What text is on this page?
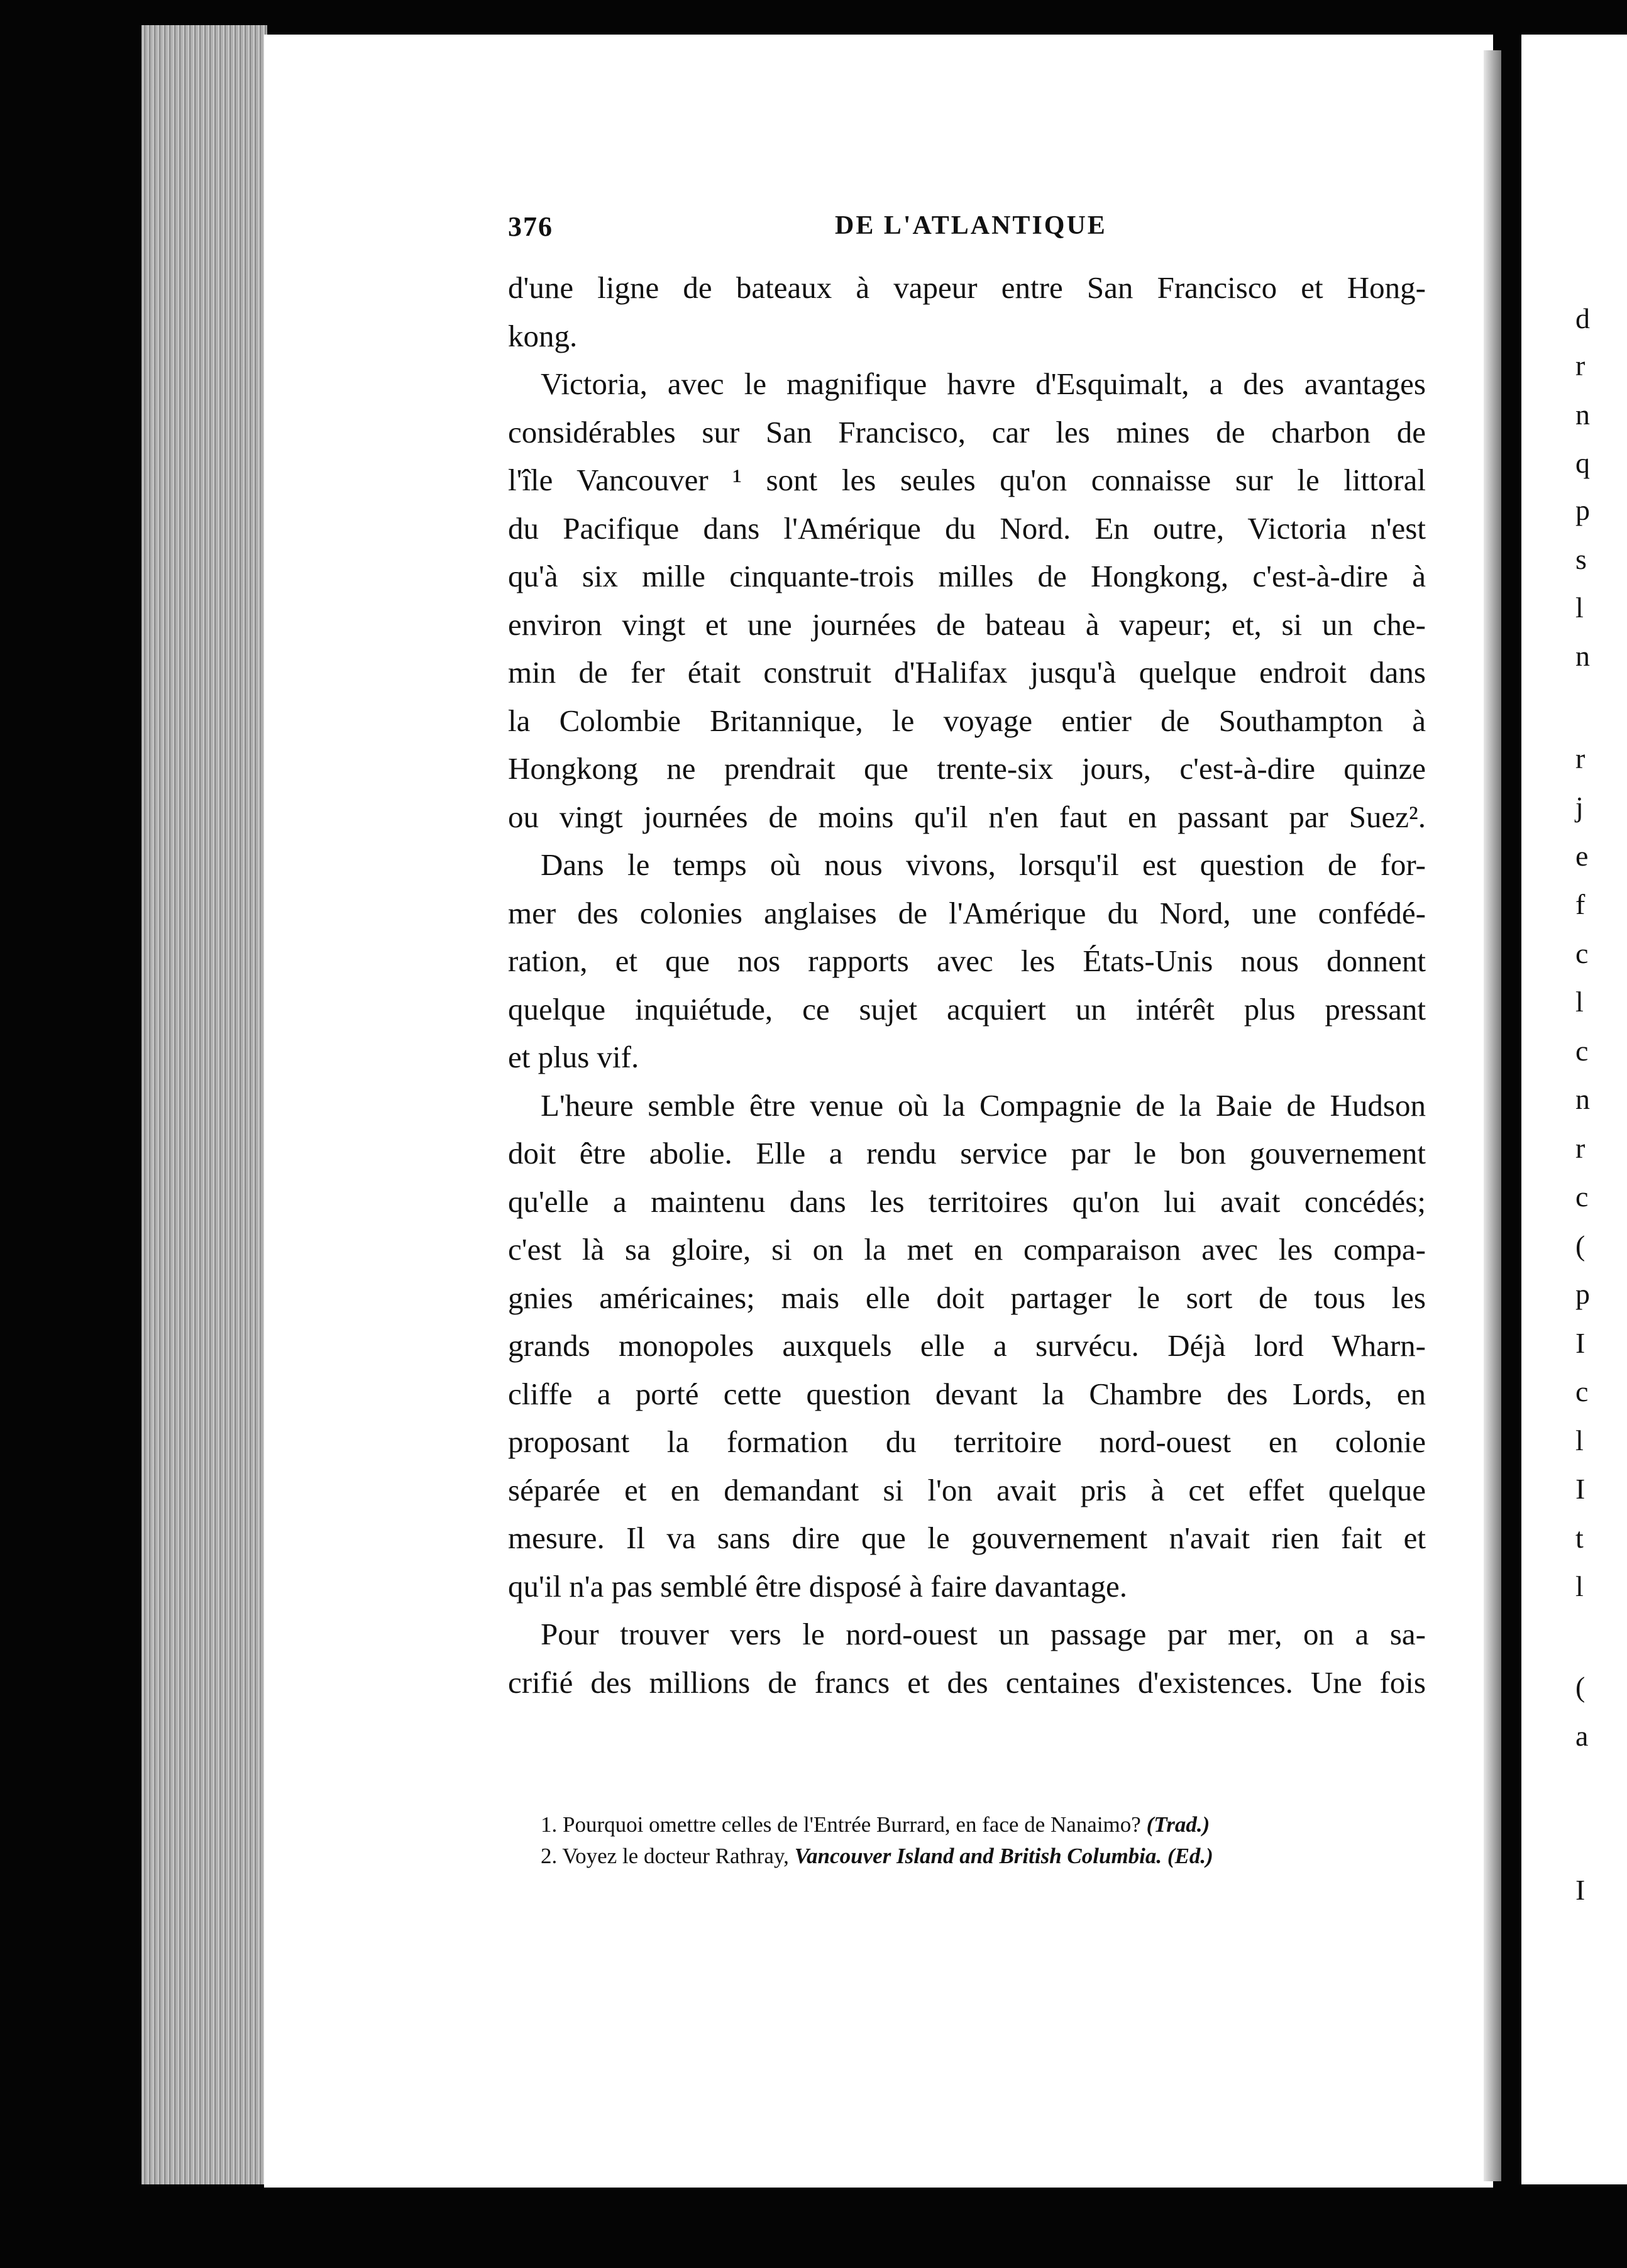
d
r
n
q
p
s
l
n
r
j
e
f
c
l
c
n
r
c
(
p
I
c
l
I
t
l
(
a
I
376	DE L'ATLANTIQUE
d'une ligne de bateaux à vapeur entre San Francisco et Hong-
kong.
Victoria, avec le magnifique havre d'Esquimalt, a des avantages
considérables sur San Francisco, car les mines de charbon de
l'île Vancouver ¹ sont les seules qu'on connaisse sur le littoral
du Pacifique dans l'Amérique du Nord. En outre, Victoria n'est
qu'à six mille cinquante-trois milles de Hongkong, c'est-à-dire à
environ vingt et une journées de bateau à vapeur; et, si un che-
min de fer était construit d'Halifax jusqu'à quelque endroit dans
la Colombie Britannique, le voyage entier de Southampton à
Hongkong ne prendrait que trente-six jours, c'est-à-dire quinze
ou vingt journées de moins qu'il n'en faut en passant par Suez².
Dans le temps où nous vivons, lorsqu'il est question de for-
mer des colonies anglaises de l'Amérique du Nord, une confédé-
ration, et que nos rapports avec les États-Unis nous donnent
quelque inquiétude, ce sujet acquiert un intérêt plus pressant
et plus vif.
L'heure semble être venue où la Compagnie de la Baie de Hudson
doit être abolie. Elle a rendu service par le bon gouvernement
qu'elle a maintenu dans les territoires qu'on lui avait concédés;
c'est là sa gloire, si on la met en comparaison avec les compa-
gnies américaines; mais elle doit partager le sort de tous les
grands monopoles auxquels elle a survécu. Déjà lord Wharn-
cliffe a porté cette question devant la Chambre des Lords, en
proposant la formation du territoire nord-ouest en colonie
séparée et en demandant si l'on avait pris à cet effet quelque
mesure. Il va sans dire que le gouvernement n'avait rien fait et
qu'il n'a pas semblé être disposé à faire davantage.
Pour trouver vers le nord-ouest un passage par mer, on a sa-
crifié des millions de francs et des centaines d'existences. Une fois
1. Pourquoi omettre celles de l'Entrée Burrard, en face de Nanaimo? (Trad.)
2. Voyez le docteur Rathray, Vancouver Island and British Columbia. (Ed.)
